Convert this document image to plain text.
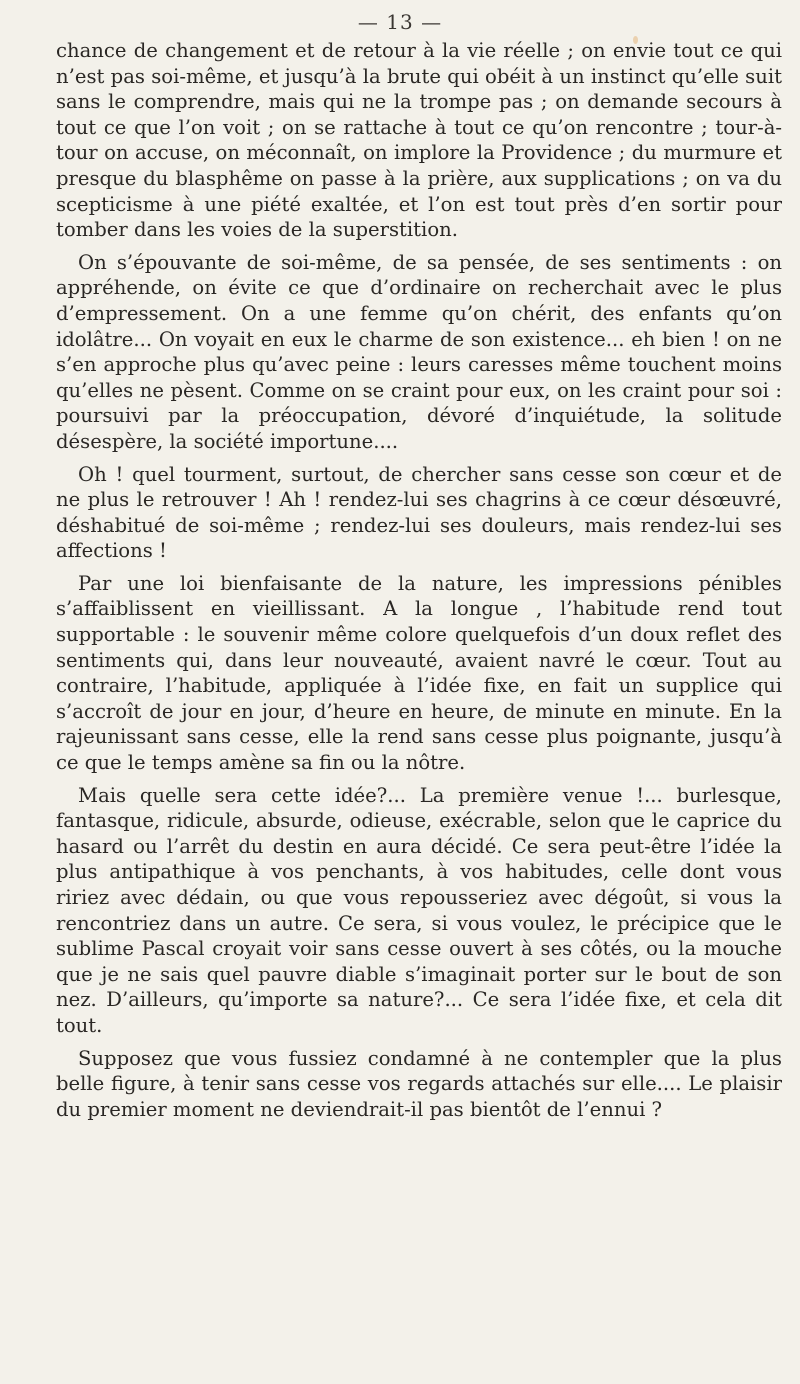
— 13 —

chance de changement et de retour à la vie réelle ; on envie tout ce qui n’est pas soi-même, et jusqu’à la brute qui obéit à un instinct qu’elle suit sans le comprendre, mais qui ne la trompe pas ; on demande secours à tout ce que l’on voit ; on se rattache à tout ce qu’on rencontre ; tour-à-tour on accuse, on méconnaît, on implore la Providence ; du murmure et presque du blasphême on passe à la prière, aux supplications ; on va du scepticisme à une piété exaltée, et l’on est tout près d’en sortir pour tomber dans les voies de la superstition.

On s’épouvante de soi-même, de sa pensée, de ses sentiments : on appréhende, on évite ce que d’ordinaire on recherchait avec le plus d’empressement. On a une femme qu’on chérit, des enfants qu’on idolâtre... On voyait en eux le charme de son existence... eh bien ! on ne s’en approche plus qu’avec peine : leurs caresses même touchent moins qu’elles ne pèsent. Comme on se craint pour eux, on les craint pour soi : poursuivi par la préoccupation, dévoré d’inquiétude, la solitude désespère, la société importune....

Oh ! quel tourment, surtout, de chercher sans cesse son cœur et de ne plus le retrouver ! Ah ! rendez-lui ses chagrins à ce cœur désœuvré, déshabitué de soi-même ; rendez-lui ses douleurs, mais rendez-lui ses affections !

Par une loi bienfaisante de la nature, les impressions pénibles s’affaiblissent en vieillissant. A la longue , l’habitude rend tout supportable : le souvenir même colore quelquefois d’un doux reflet des sentiments qui, dans leur nouveauté, avaient navré le cœur. Tout au contraire, l’habitude, appliquée à l’idée fixe, en fait un supplice qui s’accroît de jour en jour, d’heure en heure, de minute en minute. En la rajeunissant sans cesse, elle la rend sans cesse plus poignante, jusqu’à ce que le temps amène sa fin ou la nôtre.

Mais quelle sera cette idée?... La première venue !... burlesque, fantasque, ridicule, absurde, odieuse, exécrable, selon que le caprice du hasard ou l’arrêt du destin en aura décidé. Ce sera peut-être l’idée la plus antipathique à vos penchants, à vos habitudes, celle dont vous ririez avec dédain, ou que vous repousseriez avec dégoût, si vous la rencontriez dans un autre. Ce sera, si vous voulez, le précipice que le sublime Pascal croyait voir sans cesse ouvert à ses côtés, ou la mouche que je ne sais quel pauvre diable s’imaginait porter sur le bout de son nez. D’ailleurs, qu’importe sa nature?... Ce sera l’idée fixe, et cela dit tout.

Supposez que vous fussiez condamné à ne contempler que la plus belle figure, à tenir sans cesse vos regards attachés sur elle.... Le plaisir du premier moment ne deviendrait-il pas bientôt de l’ennui ?
